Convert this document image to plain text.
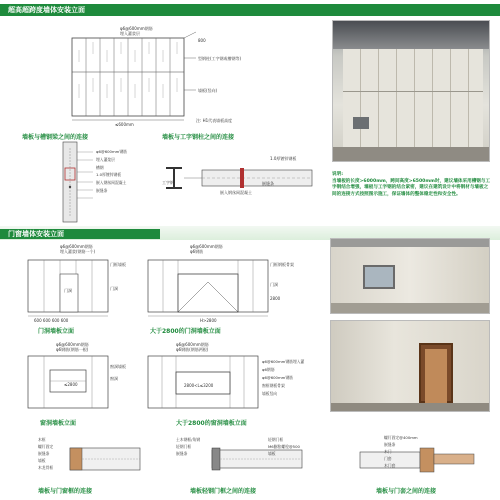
超高超跨度墙体安装立面
φ6@600mm钢筋
埋入灌浆层
800
型钢柱(工字钢或槽钢等)
墙板(竖向)
≤600mm
注: H1代表墙板高度
墙板与槽钢梁之间的连接	墙板与工字钢柱之间的连接
φ6@600mm钢筋
埋入灌浆层
槽钢
1.0厚镀锌钢板
嵌入钢丝网混凝土
嵌缝条
1.0厚镀锌钢板
工字钢	嵌缝条
嵌入钢丝网混凝土
说明:
当墙板的长度>6000mm，跨间高度>6500mm时，建议墙体采用槽钢与工字钢结合增强，墙板与工字钢的结合紧密，建议在建筑设计中将钢材与墙板之间的连接方式按照图示施工，保证墙体的整体稳定性和安全性。
门窗墙体安装立面
φ6@600mm钢筋
埋入灌浆(钢筋一个)
门框墙板
门洞
门洞
600 600 600 600
门洞墙板立面
φ6@600mm钢筋
φ6钢筋
门框钢板骨架
门洞
2800
H>2800
大于2800的门洞墙板立面
φ6@600mm钢筋
φ6钢筋(钢筋一根)
窗洞墙板
窗洞
≤2800
窗洞墙板立面
φ6@600mm钢筋
φ6钢筋(钢筋两根)
φ6@600mm钢筋埋入灌
φ6钢筋
φ6@600mm钢筋
窗框钢板骨架
墙板竖向
2800<L≤3200
大于2800的窗洞墙板立面
木框
螺钉固定
嵌缝条
墙板
木龙骨框
墙板与门窗框的连接
土木钢框/角钢
轻钢门框
嵌缝条
轻钢门框
M6膨胀螺栓@500
墙板
墙板轻钢门框之间的连接
螺钉固定@400mm
嵌缝条
木门
门套
木门套
墙板与门套之间的连接
